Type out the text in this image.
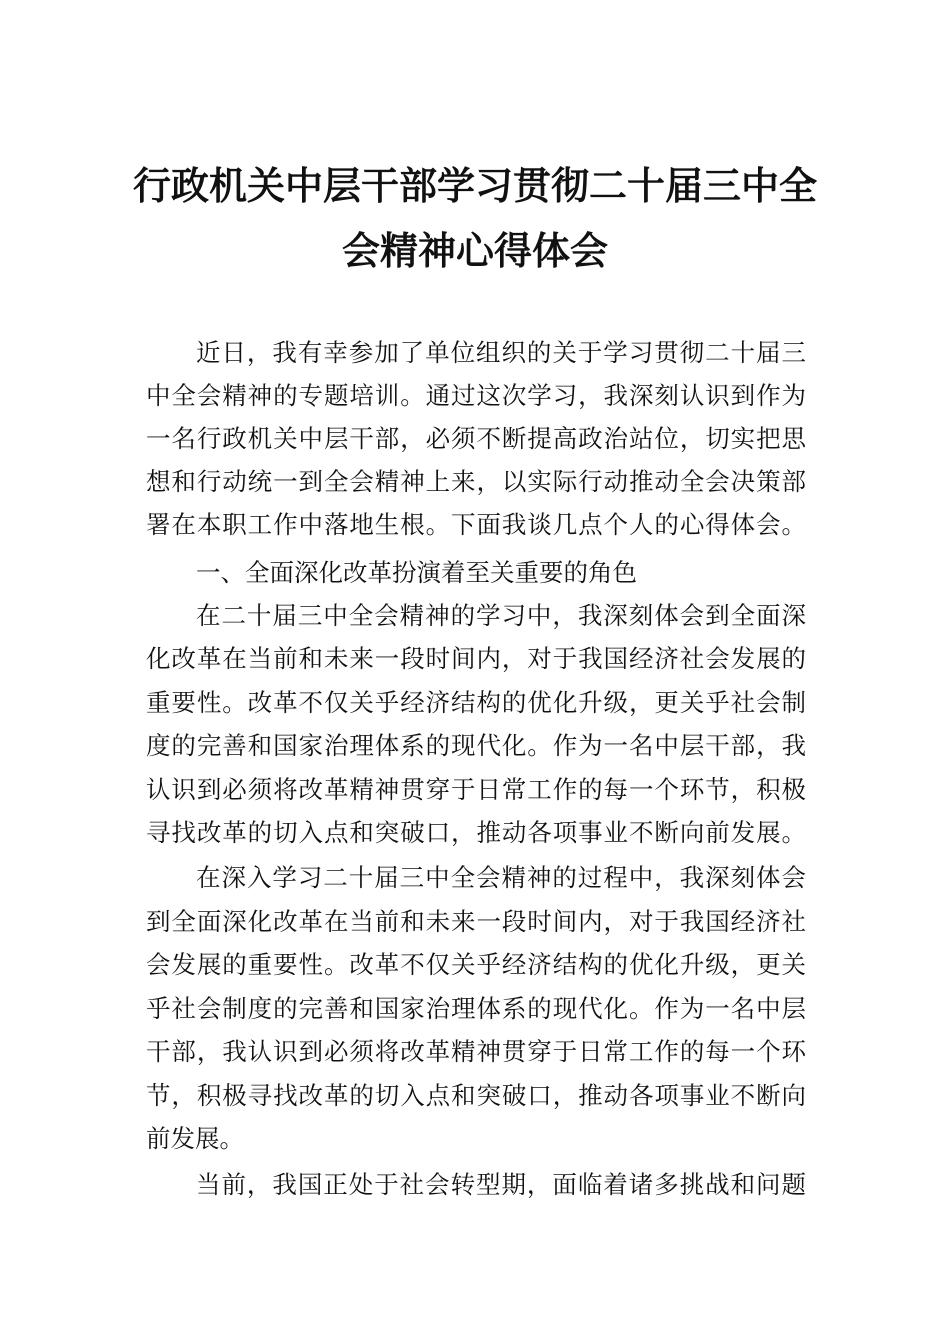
行政机关中层干部学习贯彻二十届三中全
会精神心得体会
近日，我有幸参加了单位组织的关于学习贯彻二十届三
中全会精神的专题培训。通过这次学习，我深刻认识到作为
一名行政机关中层干部，必须不断提高政治站位，切实把思
想和行动统一到全会精神上来，以实际行动推动全会决策部
署在本职工作中落地生根。下面我谈几点个人的心得体会。
一、全面深化改革扮演着至关重要的角色
在二十届三中全会精神的学习中，我深刻体会到全面深
化改革在当前和未来一段时间内，对于我国经济社会发展的
重要性。改革不仅关乎经济结构的优化升级，更关乎社会制
度的完善和国家治理体系的现代化。作为一名中层干部，我
认识到必须将改革精神贯穿于日常工作的每一个环节，积极
寻找改革的切入点和突破口，推动各项事业不断向前发展。
在深入学习二十届三中全会精神的过程中，我深刻体会
到全面深化改革在当前和未来一段时间内，对于我国经济社
会发展的重要性。改革不仅关乎经济结构的优化升级，更关
乎社会制度的完善和国家治理体系的现代化。作为一名中层
干部，我认识到必须将改革精神贯穿于日常工作的每一个环
节，积极寻找改革的切入点和突破口，推动各项事业不断向
前发展。
当前，我国正处于社会转型期，面临着诸多挑战和问题
